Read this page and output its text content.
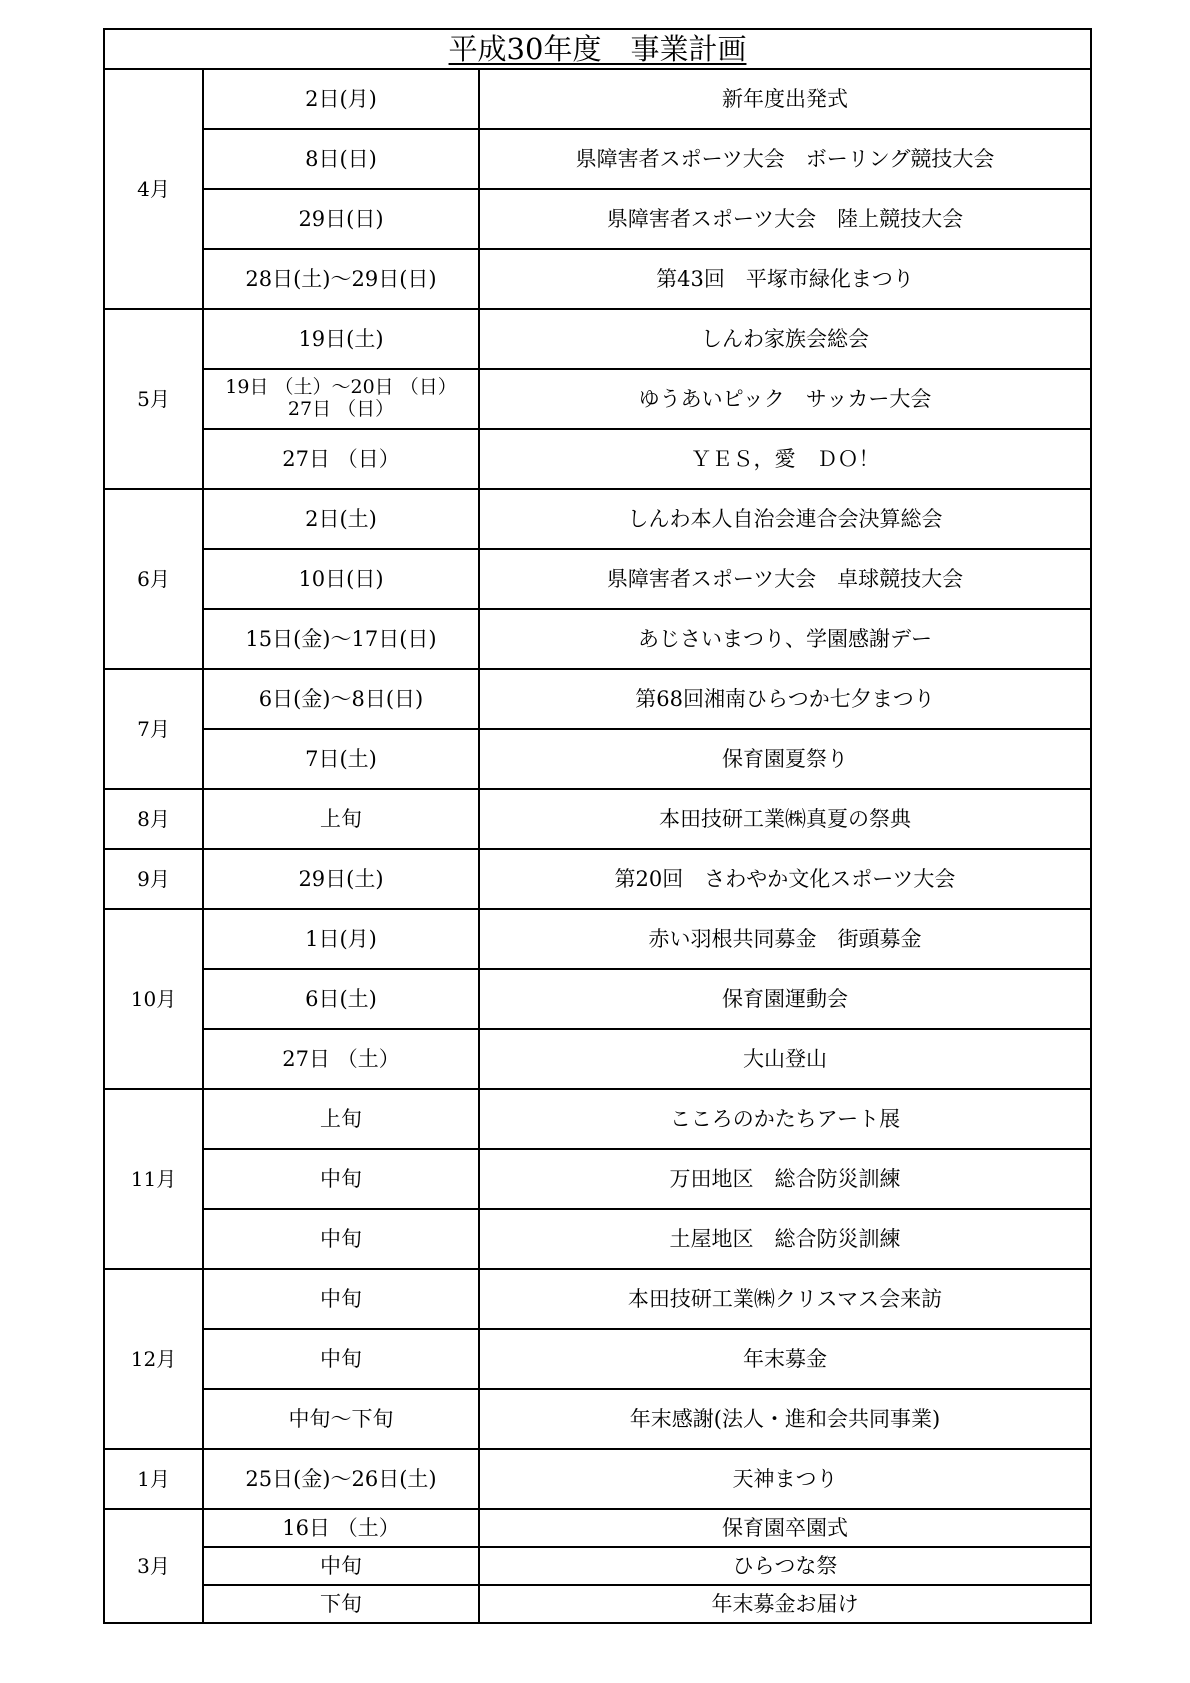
平成30年度　事業計画		
4月	2日(月)	新年度出発式

	8日(日)	県障害者スポーツ大会　ボーリング競技大会

	29日(日)	県障害者スポーツ大会　陸上競技大会

	28日(土)～29日(日)	第43回　平塚市緑化まつり
5月	19日(土)	しんわ家族会総会

	19日 （土）～20日 （日）
27日 （日）	ゆうあいピック　サッカー大会

	27日 （日）	ＹＥＳ，愛　ＤＯ！
6月	2日(土)	しんわ本人自治会連合会決算総会

	10日(日)	県障害者スポーツ大会　卓球競技大会

	15日(金)～17日(日)	あじさいまつり、学園感謝デー
7月	6日(金)～8日(日)	第68回湘南ひらつか七夕まつり

	7日(土)	保育園夏祭り
8月	上旬	本田技研工業㈱真夏の祭典
9月	29日(土)	第20回　さわやか文化スポーツ大会
10月	1日(月)	赤い羽根共同募金　街頭募金

	6日(土)	保育園運動会

	27日 （土）	大山登山
11月	上旬	こころのかたちアート展

	中旬	万田地区　総合防災訓練

	中旬	土屋地区　総合防災訓練
12月	中旬	本田技研工業㈱クリスマス会来訪

	中旬	年末募金

	中旬～下旬	年末感謝(法人・進和会共同事業)
1月	25日(金)～26日(土)	天神まつり
3月	16日 （土）	保育園卒園式

	中旬	ひらつな祭

	下旬	年末募金お届け
